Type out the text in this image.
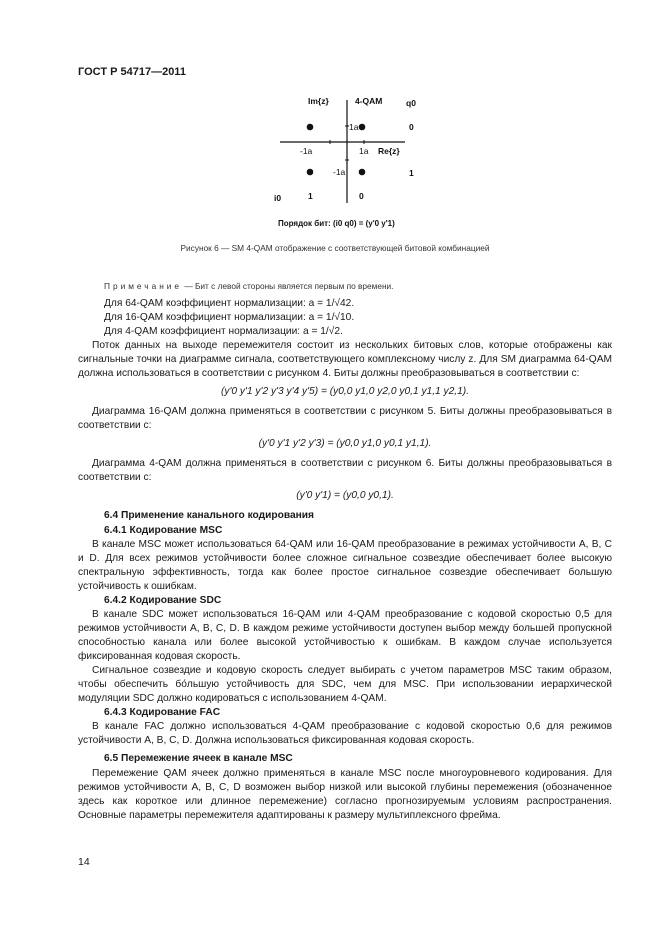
ГОСТ Р 54717—2011
Im{z}	4-QAM	q0
1a	0
-1a	1a Re{z}
-1a	1
i0	1	0
Порядок бит: (i0 q0) = (y'0 y'1)
Рисунок 6 — SM 4-QAM отображение с соответствующей битовой комбинацией
Примечание — Бит с левой стороны является первым по времени.

Для 64-QAM коэффициент нормализации: a = 1/√42.

Для 16-QAM коэффициент нормализации: a = 1/√10.

Для 4-QAM коэффициент нормализации: a = 1/√2.

Поток данных на выходе перемежителя состоит из нескольких битовых слов, которые отображены как сигнальные точки на диаграмме сигнала, соответствующего комплексному числу z. Для SM диаграмма 64-QAM должна использоваться в соответствии с рисунком 4. Биты должны преобразовываться в соответствии с:

(y'0 y'1 y'2 y'3 y'4 y'5) = (y0,0 y1,0 y2,0 y0,1 y1,1 y2,1).

Диаграмма 16-QAM должна применяться в соответствии с рисунком 5. Биты должны преобразовываться в соответствии с:

(y'0 y'1 y'2 y'3) = (y0,0 y1,0 y0,1 y1,1).

Диаграмма 4-QAM должна применяться в соответствии с рисунком 6. Биты должны преобразовываться в соответствии с:

(y'0 y'1) = (y0,0 y0,1).

6.4 Применение канального кодирования

6.4.1 Кодирование MSC

В канале MSC может использоваться 64-QAM или 16-QAM преобразование в режимах устойчивости A, B, C и D. Для всех режимов устойчивости более сложное сигнальное созвездие обеспечивает более высокую спектральную эффективность, тогда как более простое сигнальное созвездие обеспечивает большую устойчивость к ошибкам.

6.4.2 Кодирование SDC

В канале SDC может использоваться 16-QAM или 4-QAM преобразование с кодовой скоростью 0,5 для режимов устойчивости A, B, C, D. В каждом режиме устойчивости доступен выбор между большей пропускной способностью канала или более высокой устойчивостью к ошибкам. В каждом случае используется фиксированная кодовая скорость.

Сигнальное созвездие и кодовую скорость следует выбирать с учетом параметров MSC таким образом, чтобы обеспечить бо́льшую устойчивость для SDC, чем для MSC. При использовании иерархической модуляции SDC должно кодироваться с использованием 4-QAM.

6.4.3 Кодирование FAC

В канале FAC должно использоваться 4-QAM преобразование с кодовой скоростью 0,6 для режимов устойчивости A, B, C, D. Должна использоваться фиксированная кодовая скорость.

6.5 Перемежение ячеек в канале MSC

Перемежение QAM ячеек должно применяться в канале MSC после многоуровневого кодирования. Для режимов устойчивости A, B, C, D возможен выбор низкой или высокой глубины перемежения (обозначенное здесь как короткое или длинное перемежение) согласно прогнозируемым условиям распространения. Основные параметры перемежителя адаптированы к размеру мультиплексного фрейма.

14
